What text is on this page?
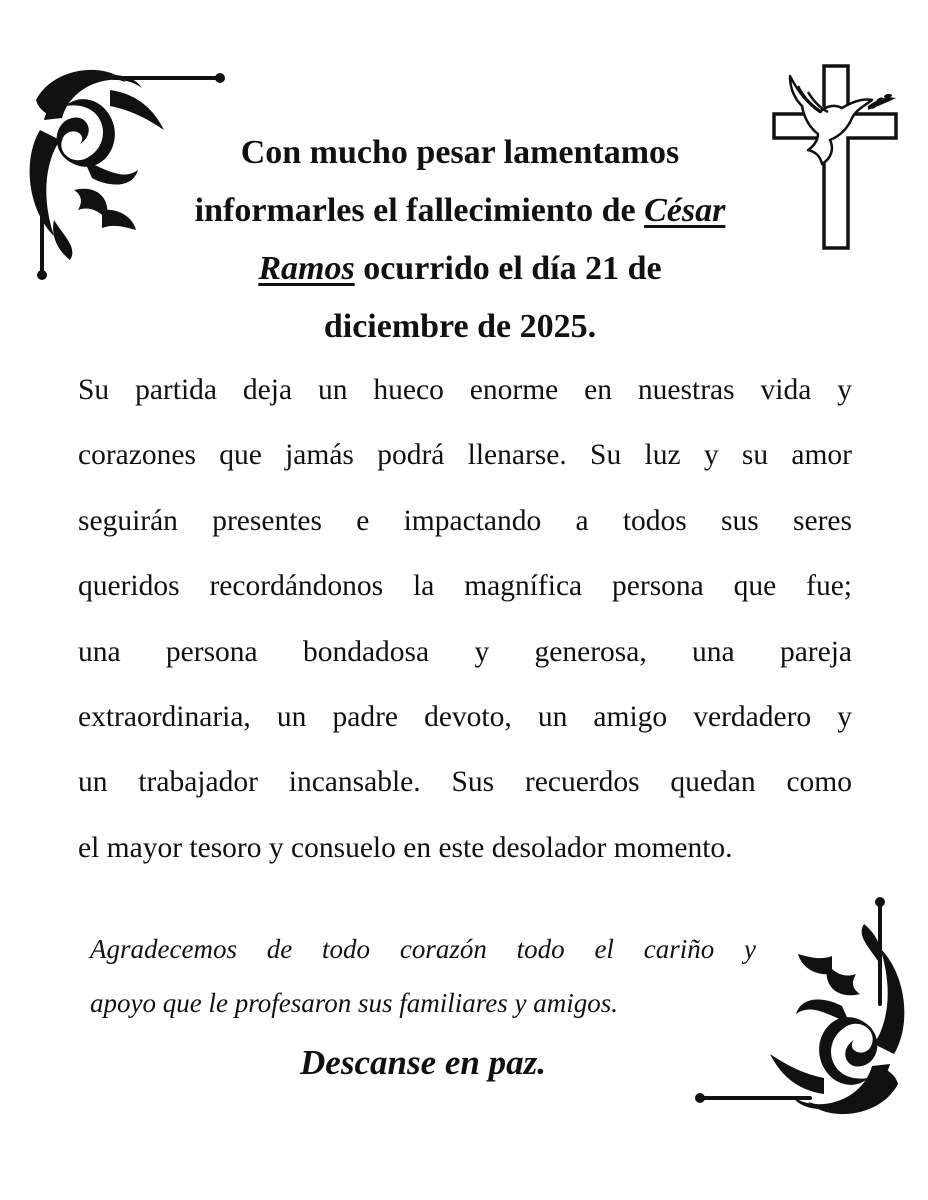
Con mucho pesar lamentamos
informarles el fallecimiento de César
Ramos ocurrido el día 21 de
diciembre de 2025.
Su partida deja un hueco enorme en nuestras vida y
corazones que jamás podrá llenarse. Su luz y su amor
seguirán presentes e impactando a todos sus seres
queridos recordándonos la magnífica persona que fue;
una persona bondadosa y generosa, una pareja
extraordinaria, un padre devoto, un amigo verdadero y
un trabajador incansable. Sus recuerdos quedan como
el mayor tesoro y consuelo en este desolador momento.
Agradecemos de todo corazón todo el cariño y
apoyo que le profesaron sus familiares y amigos.
Descanse en paz.
